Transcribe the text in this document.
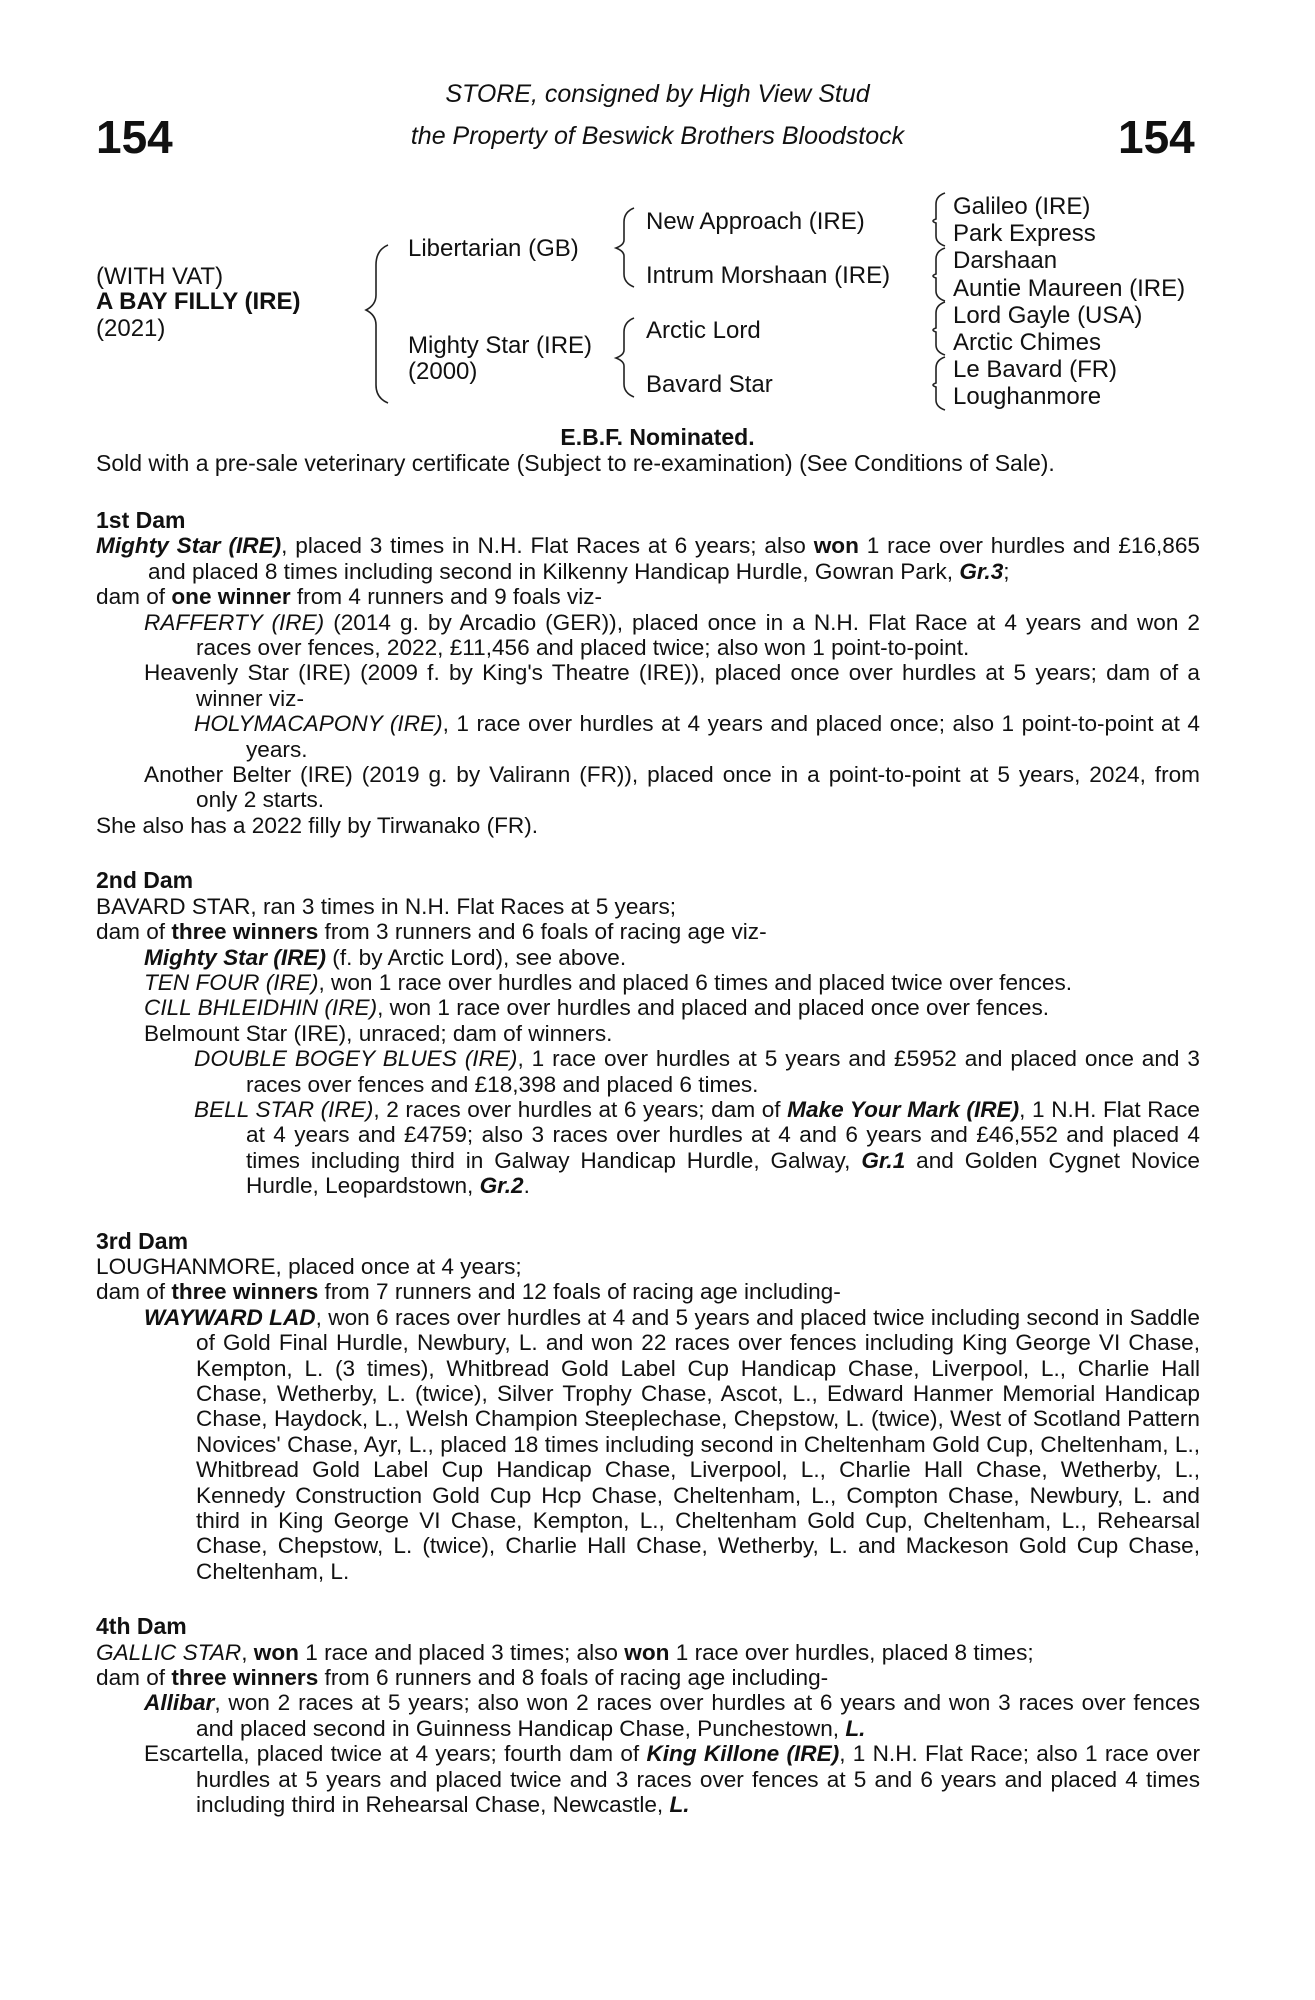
154	154
STORE, consigned by High View Stud
the Property of Beswick Brothers Bloodstock
(WITH VAT)
A BAY FILLY (IRE)
(2021)
Libertarian (GB)
Mighty Star (IRE)
(2000)
New Approach (IRE)
Intrum Morshaan (IRE)
Arctic Lord
Bavard Star
Galileo (IRE)
Park Express
Darshaan
Auntie Maureen (IRE)
Lord Gayle (USA)
Arctic Chimes
Le Bavard (FR)
Loughanmore
E.B.F. Nominated.
Sold with a pre-sale veterinary certificate (Subject to re-examination) (See Conditions of Sale).
1st Dam
Mighty Star (IRE), placed 3 times in N.H. Flat Races at 6 years; also won 1 race over hurdles and £16,865 and placed 8 times including second in Kilkenny Handicap Hurdle, Gowran Park, Gr.3;
dam of one winner from 4 runners and 9 foals viz-
RAFFERTY (IRE) (2014 g. by Arcadio (GER)), placed once in a N.H. Flat Race at 4 years and won 2 races over fences, 2022, £11,456 and placed twice; also won 1 point-to-point.
Heavenly Star (IRE) (2009 f. by King's Theatre (IRE)), placed once over hurdles at 5 years; dam of a winner viz-
HOLYMACAPONY (IRE), 1 race over hurdles at 4 years and placed once; also 1 point-to-point at 4 years.
Another Belter (IRE) (2019 g. by Valirann (FR)), placed once in a point-to-point at 5 years, 2024, from only 2 starts.
She also has a 2022 filly by Tirwanako (FR).
2nd Dam
BAVARD STAR, ran 3 times in N.H. Flat Races at 5 years;
dam of three winners from 3 runners and 6 foals of racing age viz-
Mighty Star (IRE) (f. by Arctic Lord), see above.
TEN FOUR (IRE), won 1 race over hurdles and placed 6 times and placed twice over fences.
CILL BHLEIDHIN (IRE), won 1 race over hurdles and placed and placed once over fences.
Belmount Star (IRE), unraced; dam of winners.
DOUBLE BOGEY BLUES (IRE), 1 race over hurdles at 5 years and £5952 and placed once and 3 races over fences and £18,398 and placed 6 times.
BELL STAR (IRE), 2 races over hurdles at 6 years; dam of Make Your Mark (IRE), 1 N.H. Flat Race at 4 years and £4759; also 3 races over hurdles at 4 and 6 years and £46,552 and placed 4 times including third in Galway Handicap Hurdle, Galway, Gr.1 and Golden Cygnet Novice Hurdle, Leopardstown, Gr.2.
3rd Dam
LOUGHANMORE, placed once at 4 years;
dam of three winners from 7 runners and 12 foals of racing age including-
WAYWARD LAD, won 6 races over hurdles at 4 and 5 years and placed twice including second in Saddle of Gold Final Hurdle, Newbury, L. and won 22 races over fences including King George VI Chase, Kempton, L. (3 times), Whitbread Gold Label Cup Handicap Chase, Liverpool, L., Charlie Hall Chase, Wetherby, L. (twice), Silver Trophy Chase, Ascot, L., Edward Hanmer Memorial Handicap Chase, Haydock, L., Welsh Champion Steeplechase, Chepstow, L. (twice), West of Scotland Pattern Novices' Chase, Ayr, L., placed 18 times including second in Cheltenham Gold Cup, Cheltenham, L., Whitbread Gold Label Cup Handicap Chase, Liverpool, L., Charlie Hall Chase, Wetherby, L., Kennedy Construction Gold Cup Hcp Chase, Cheltenham, L., Compton Chase, Newbury, L. and third in King George VI Chase, Kempton, L., Cheltenham Gold Cup, Cheltenham, L., Rehearsal Chase, Chepstow, L. (twice), Charlie Hall Chase, Wetherby, L. and Mackeson Gold Cup Chase, Cheltenham, L.
4th Dam
GALLIC STAR, won 1 race and placed 3 times; also won 1 race over hurdles, placed 8 times;
dam of three winners from 6 runners and 8 foals of racing age including-
Allibar, won 2 races at 5 years; also won 2 races over hurdles at 6 years and won 3 races over fences and placed second in Guinness Handicap Chase, Punchestown, L.
Escartella, placed twice at 4 years; fourth dam of King Killone (IRE), 1 N.H. Flat Race; also 1 race over hurdles at 5 years and placed twice and 3 races over fences at 5 and 6 years and placed 4 times including third in Rehearsal Chase, Newcastle, L.
